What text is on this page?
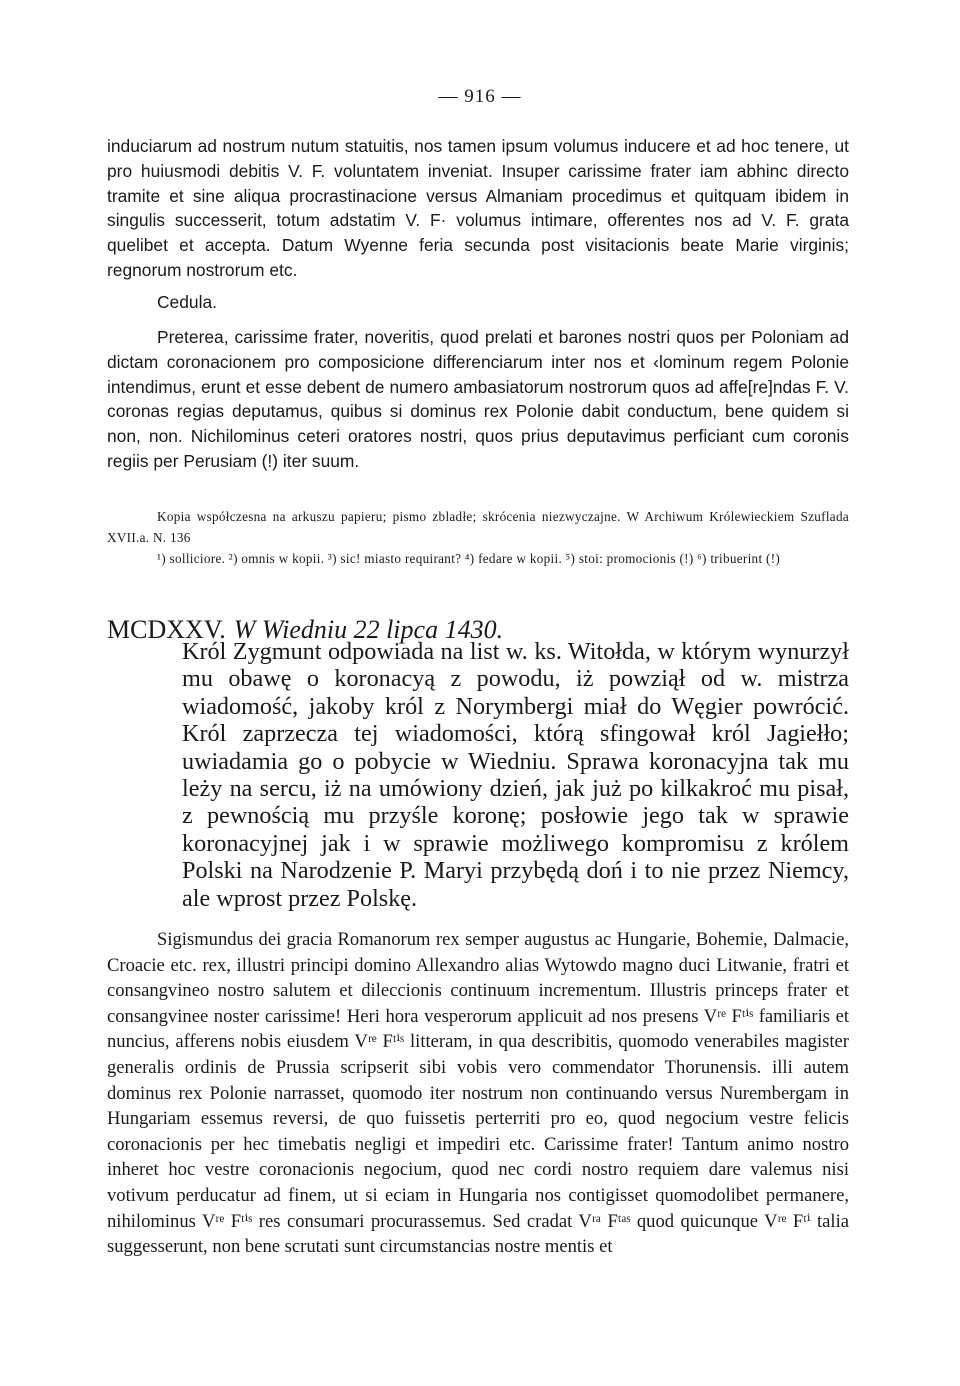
— 916 —

induciarum ad nostrum nutum statuitis, nos tamen ipsum volumus inducere et ad hoc tenere, ut pro huiusmodi debitis V. F. voluntatem inveniat. Insuper carissime frater iam abhinc directo tramite et sine aliqua procrastinacione versus Almaniam procedimus et quitquam ibidem in singulis successerit, totum adstatim V. F· volumus intimare, offerentes nos ad V. F. grata quelibet et accepta. Datum Wyenne feria secunda post visitacionis beate Marie virginis; regnorum nostrorum etc.

Cedula.

Preterea, carissime frater, noveritis, quod prelati et barones nostri quos per Poloniam ad dictam coronacionem pro composicione differenciarum inter nos et ‹lominum regem Polonie intendimus, erunt et esse debent de numero ambasiatorum nostrorum quos ad affe[re]ndas F. V. coronas regias deputamus, quibus si dominus rex Polonie dabit conductum, bene quidem si non, non. Nichilominus ceteri oratores nostri, quos prius deputavimus perficiant cum coronis regiis per Perusiam (!) iter suum.

Kopia współczesna na arkuszu papieru; pismo zbladłe; skrócenia niezwyczajne. W Archiwum Królewieckiem Szuflada XVII.a. N. 136

¹) solliciore. ²) omnis w kopii. ³) sic! miasto requirant? ⁴) fedare w kopii. ⁵) stoi: promocionis (!) ⁶) tribuerint (!)

MCDXXV. W Wiedniu 22 lipca 1430.

Król Zygmunt odpowiada na list w. ks. Witołda, w którym wynurzył mu obawę o koronacyą z powodu, iż powziął od w. mistrza wiadomość, jakoby król z Norymbergi miał do Węgier powrócić. Król zaprzecza tej wiadomości, którą sfingował król Jagiełło; uwiadamia go o pobycie w Wiedniu. Sprawa koronacyjna tak mu leży na sercu, iż na umówiony dzień, jak już po kilkakroć mu pisał, z pewnością mu przyśle koronę; posłowie jego tak w sprawie koronacyjnej jak i w sprawie możliwego kompromisu z królem Polski na Narodzenie P. Maryi przybędą doń i to nie przez Niemcy, ale wprost przez Polskę.

Sigismundus dei gracia Romanorum rex semper augustus ac Hungarie, Bohemie, Dalmacie, Croacie etc. rex, illustri principi domino Allexandro alias Wytowdo magno duci Litwanie, fratri et consangvineo nostro salutem et dileccionis continuum incrementum. Illustris princeps frater et consangvinee noster carissime! Heri hora vesperorum applicuit ad nos presens Vʳᵉ Fᵗⁱˢ familiaris et nuncius, afferens nobis eiusdem Vʳᵉ Fᵗⁱˢ litteram, in qua describitis, quomodo venerabiles magister generalis ordinis de Prussia scripserit sibi vobis vero commendator Thorunensis. illi autem dominus rex Polonie narrasset, quomodo iter nostrum non continuando versus Nurembergam in Hungariam essemus reversi, de quo fuissetis perterriti pro eo, quod negocium vestre felicis coronacionis per hec timebatis negligi et impediri etc. Carissime frater! Tantum animo nostro inheret hoc vestre coronacionis negocium, quod nec cordi nostro requiem dare valemus nisi votivum perducatur ad finem, ut si eciam in Hungaria nos contigisset quomodolibet permanere, nihilominus Vʳᵉ Fᵗⁱˢ res consumari procurassemus. Sed cradat Vʳᵃ Fᵗᵃˢ quod quicunque Vʳᵉ Fᵗⁱ talia suggesserunt, non bene scrutati sunt circumstancias nostre mentis et
